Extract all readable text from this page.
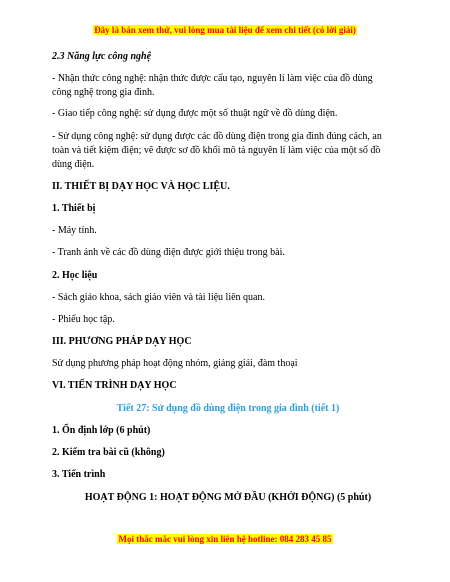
Đây là bản xem thử, vui lòng mua tài liệu để xem chi tiết (có lời giải)
2.3 Năng lực công nghệ
- Nhận thức công nghệ: nhận thức được cấu tạo, nguyên lí làm việc của đồ dùng
công nghệ trong gia đình.
- Giao tiếp công nghệ: sử dụng được một số thuật ngữ về đồ dùng điện.
- Sử dụng công nghệ: sử dụng được các đồ dùng điện trong gia đình đúng cách, an
toàn và tiết kiệm điện; vẽ được sơ đồ khối mô tả nguyên lí làm việc của một số đồ
dùng điện.
II. THIẾT BỊ DẠY HỌC VÀ HỌC LIỆU.
1. Thiết bị
- Máy tính.
- Tranh ảnh về các đồ dùng điện được giới thiệu trong bài.
2. Học liệu
- Sách giáo khoa, sách giáo viên và tài liệu liên quan.
- Phiếu học tập.
III. PHƯƠNG PHÁP DẠY HỌC
Sử dụng phương pháp hoạt động nhóm, giảng giải, đàm thoại
VI. TIẾN TRÌNH DẠY HỌC
Tiết 27: Sử dụng đồ dùng điện trong gia đình (tiết 1)
1. Ổn định lớp (6 phút)
2. Kiểm tra bài cũ (không)
3. Tiến trình
HOẠT ĐỘNG 1: HOẠT ĐỘNG MỞ ĐẦU (KHỞI ĐỘNG) (5 phút)
Mọi thắc mắc vui lòng xin liên hệ hotline: 084 283 45 85
